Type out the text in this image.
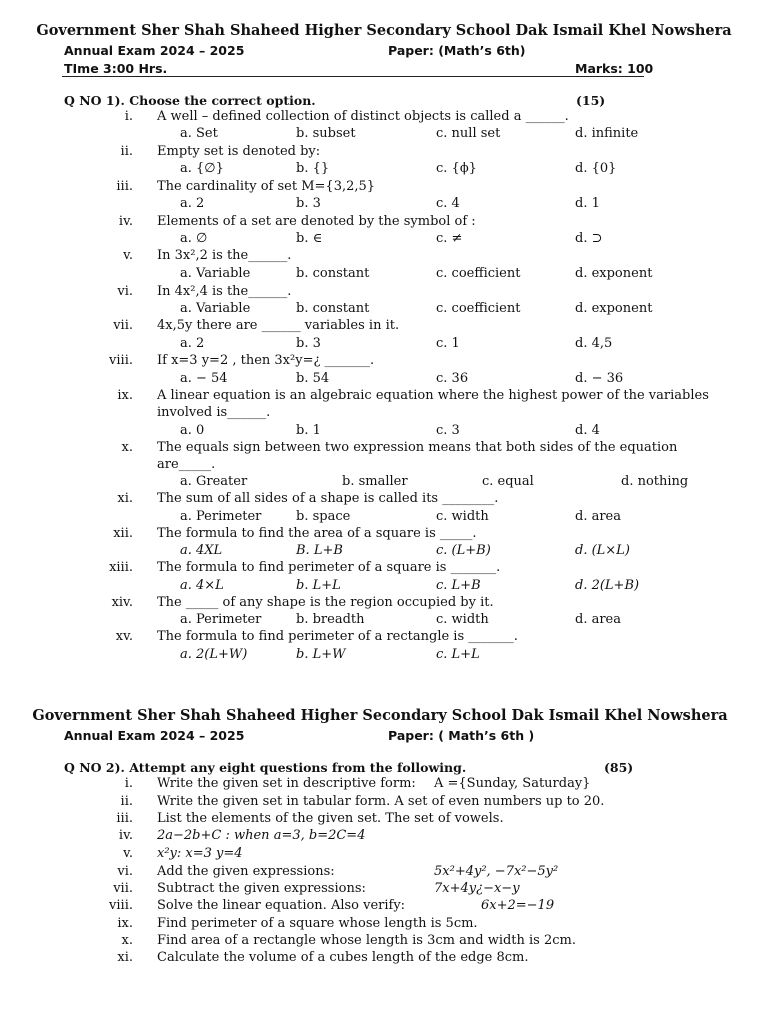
Government Sher Shah Shaheed Higher Secondary School Dak Ismail Khel Nowshera
Annual Exam 2024 – 2025	Paper: (Math’s 6th)
TIme 3:00 Hrs.	Marks: 100
Q NO 1). Choose the correct option.	(15)
i. A well – defined collection of distinct objects is called a ______.
a. Set	b. subset	c. null set	d. infinite
ii. Empty set is denoted by:
a. {∅}	b. {}	c. {ϕ}	d. {0}
iii. The cardinality of set M={3,2,5}
a. 2	b. 3	c. 4	d. 1
iv. Elements of a set are denoted by the symbol of :
a. ∅	b. ∈	c. ≠	d. ⊃
v. In 3x²,2 is the______.
a. Variable	b. constant	c. coefficient	d. exponent
vi. In 4x²,4 is the______.
a. Variable	b. constant	c. coefficient	d. exponent
vii. 4x,5y there are ______ variables in it.
a. 2	b. 3	c. 1	d. 4,5
viii. If x=3 y=2 , then 3x²y=¿ _______.
a. − 54	b. 54	c. 36	d. − 36
ix. A linear equation is an algebraic equation where the highest power of the variables
involved is______.
a. 0	b. 1	c. 3	d. 4
x. The equals sign between two expression means that both sides of the equation
are_____.
a. Greater	b. smaller	c. equal	d. nothing
xi. The sum of all sides of a shape is called its ________.
a. Perimeter	b. space	c. width	d. area
xii. The formula to find the area of a square is _____.
a. 4XL	B. L+B	c. (L+B)	d. (L×L)
xiii. The formula to find perimeter of a square is _______.
a. 4×L	b. L+L	c. L+B	d. 2(L+B)
xiv. The _____ of any shape is the region occupied by it.
a. Perimeter	b. breadth	c. width	d. area
xv. The formula to find perimeter of a rectangle is _______.
a. 2(L+W)	b. L+W	c. L+L
Government Sher Shah Shaheed Higher Secondary School Dak Ismail Khel Nowshera
Annual Exam 2024 – 2025	Paper: ( Math’s 6th )
Q NO 2). Attempt any eight questions from the following.	(85)
i. Write the given set in descriptive form: A ={Sunday, Saturday}
ii. Write the given set in tabular form. A set of even numbers up to 20.
iii. List the elements of the given set. The set of vowels.
iv. 2a−2b+C : when a=3, b=2C=4
v. x²y: x=3 y=4
vi. Add the given expressions:	5x²+4y², −7x²−5y²
vii. Subtract the given expressions:	7x+4y¿−x−y
viii. Solve the linear equation. Also verify:	6x+2=−19
ix. Find perimeter of a square whose length is 5cm.
x. Find area of a rectangle whose length is 3cm and width is 2cm.
xi. Calculate the volume of a cubes length of the edge 8cm.
